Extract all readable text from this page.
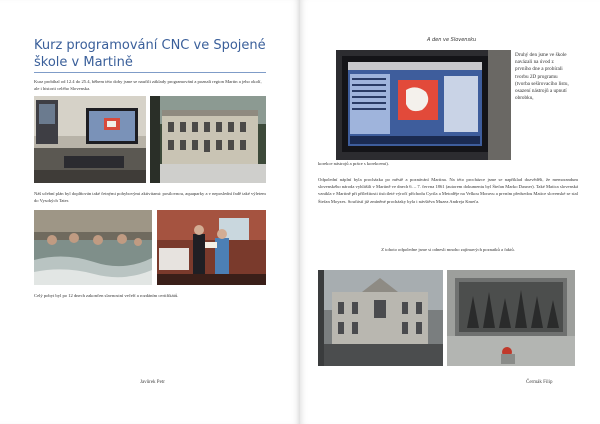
Kurz programování CNC ve Spojené škole v Martině
Kurz probíhal od 12.4 do 25.4, během této doby jsme se naučili základy programování a poznali region Martin a jeho okolí, ale i historii celého Slovenska.
Náš učební plán byl doplňován také četnými pohybovými aktivitami: posilovnou, aquaparky a v neposlední řadě také výletem do Vysokých Tater.
Celý pobyt byl po 12 dnech zakončen slavnostní večeří a rozdáním certifikátů.
Javůrek Petr
A den ve Slovensku
Druhý den jsme ve škole navázali na úvod z prvního dne a probírali tvorbu 2D programu (tvorba sešírovacího listu, osazení nástrojů a upnutí obrobku,
korekce nástrojů a práce s korekcemi).
Odpolední náplní byla procházka po městě a poznávání Martina. Na této procházce jsme se například dozvěděli, že memorandum slovenského národa vyhlášili v Martině ve dnech 6. – 7. června 1861 (autorem dokumentu byl Štefan Marko Daxner). Také Matica slovenská vznikla v Martině při příležitosti tisícileté výročí příchodu Cyrila a Metoděje na Velkou Moravu a prvním předsedou Matice slovenské se stal Štefan Moyzes. Součástí již zmíněné procházky byla i návštěva Muzea Andreja Kmeťa.
Z tohoto odpoledne jsme si odnesli mnoho zajímavých poznatků a faktů.
Čermák Filip
